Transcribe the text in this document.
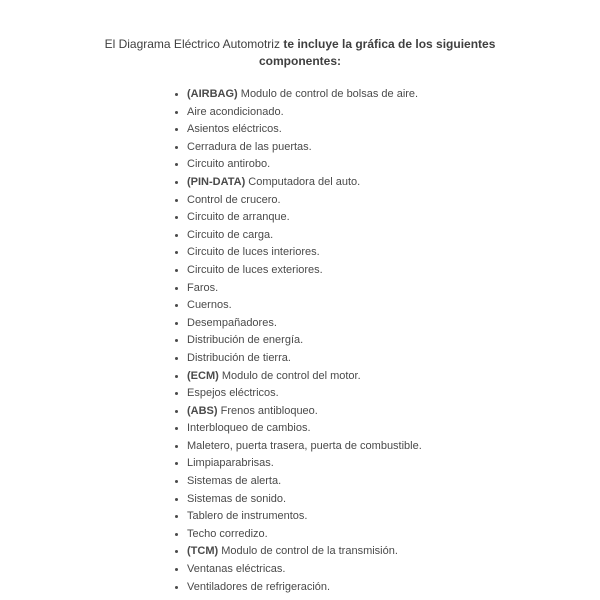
El Diagrama Eléctrico Automotriz te incluye la gráfica de los siguientes componentes:

• (AIRBAG) Modulo de control de bolsas de aire.
• Aire acondicionado.
• Asientos eléctricos.
• Cerradura de las puertas.
• Circuito antirobo.
• (PIN-DATA) Computadora del auto.
• Control de crucero.
• Circuito de arranque.
• Circuito de carga.
• Circuito de luces interiores.
• Circuito de luces exteriores.
• Faros.
• Cuernos.
• Desempañadores.
• Distribución de energía.
• Distribución de tierra.
• (ECM) Modulo de control del motor.
• Espejos eléctricos.
• (ABS) Frenos antibloqueo.
• Interbloqueo de cambios.
• Maletero, puerta trasera, puerta de combustible.
• Limpiaparabrisas.
• Sistemas de alerta.
• Sistemas de sonido.
• Tablero de instrumentos.
• Techo corredizo.
• (TCM) Modulo de control de la transmisión.
• Ventanas eléctricas.
• Ventiladores de refrigeración.
